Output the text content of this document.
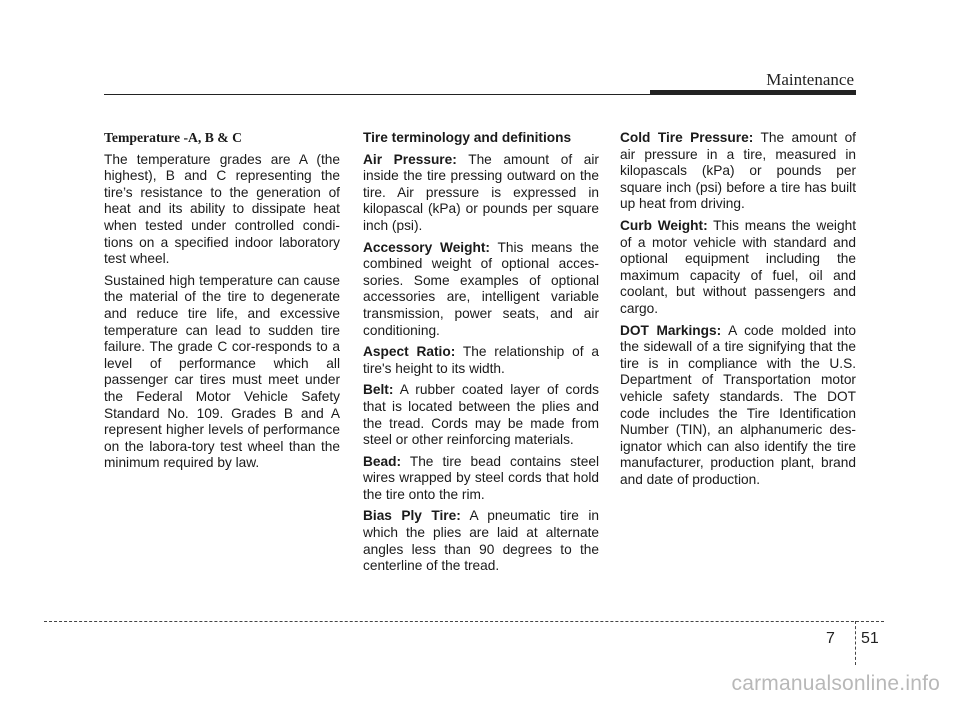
Maintenance

Temperature -A, B & C

The temperature grades are A (the highest), B and C representing the tire’s resistance to the generation of heat and its ability to dissipate heat when tested under controlled condi-tions on a specified indoor laboratory test wheel.

Sustained high temperature can cause the material of the tire to degenerate and reduce tire life, and excessive temperature can lead to sudden tire failure. The grade C cor-responds to a level of performance which all passenger car tires must meet under the Federal Motor Vehicle Safety Standard No. 109. Grades B and A represent higher levels of performance on the labora-tory test wheel than the minimum required by law.

Tire terminology and definitions

Air Pressure: The amount of air inside the tire pressing outward on the tire. Air pressure is expressed in kilopascal (kPa) or pounds per square inch (psi).

Accessory Weight: This means the combined weight of optional acces-sories. Some examples of optional accessories are, intelligent variable transmission, power seats, and air conditioning.

Aspect Ratio: The relationship of a tire's height to its width.

Belt: A rubber coated layer of cords that is located between the plies and the tread. Cords may be made from steel or other reinforcing materials.

Bead: The tire bead contains steel wires wrapped by steel cords that hold the tire onto the rim.

Bias Ply Tire: A pneumatic tire in which the plies are laid at alternate angles less than 90 degrees to the centerline of the tread.

Cold Tire Pressure: The amount of air pressure in a tire, measured in kilopascals (kPa) or pounds per square inch (psi) before a tire has built up heat from driving.

Curb Weight: This means the weight of a motor vehicle with standard and optional equipment including the maximum capacity of fuel, oil and coolant, but without passengers and cargo.

DOT Markings: A code molded into the sidewall of a tire signifying that the tire is in compliance with the U.S. Department of Transportation motor vehicle safety standards. The DOT code includes the Tire Identification Number (TIN), an alphanumeric des-ignator which can also identify the tire manufacturer, production plant, brand and date of production.

7 51
carmanualsonline.info
